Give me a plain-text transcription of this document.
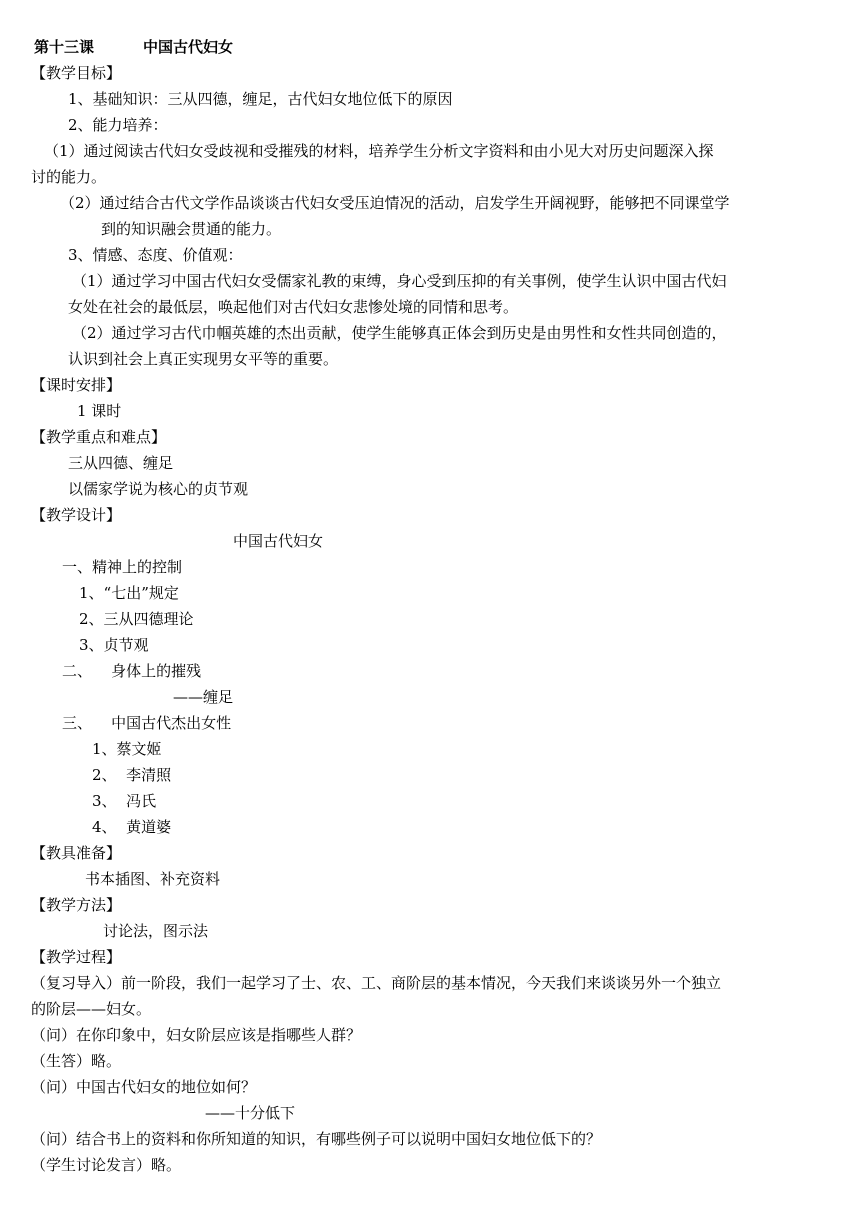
第十三课	中国古代妇女
【教学目标】
1、基础知识：三从四德，缠足，古代妇女地位低下的原因
2、能力培养：
（1）通过阅读古代妇女受歧视和受摧残的材料，培养学生分析文字资料和由小见大对历史问题深入探
讨的能力。
（2）通过结合古代文学作品谈谈古代妇女受压迫情况的活动，启发学生开阔视野，能够把不同课堂学
到的知识融会贯通的能力。
3、情感、态度、价值观：
（1）通过学习中国古代妇女受儒家礼教的束缚，身心受到压抑的有关事例，使学生认识中国古代妇
女处在社会的最低层，唤起他们对古代妇女悲惨处境的同情和思考。
（2）通过学习古代巾帼英雄的杰出贡献，使学生能够真正体会到历史是由男性和女性共同创造的，
认识到社会上真正实现男女平等的重要。
【课时安排】
1 课时
【教学重点和难点】
三从四德、缠足
以儒家学说为核心的贞节观
【教学设计】
中国古代妇女
一、精神上的控制
1、“七出”规定
2、三从四德理论
3、贞节观
二、    身体上的摧残
——缠足
三、    中国古代杰出女性
1、蔡文姬
2、  李清照
3、  冯氏
4、  黄道婆
【教具准备】
书本插图、补充资料
【教学方法】
讨论法，图示法
【教学过程】
（复习导入）前一阶段，我们一起学习了士、农、工、商阶层的基本情况，今天我们来谈谈另外一个独立
的阶层——妇女。
（问）在你印象中，妇女阶层应该是指哪些人群？
（生答）略。
（问）中国古代妇女的地位如何？
——十分低下
（问）结合书上的资料和你所知道的知识，有哪些例子可以说明中国妇女地位低下的？
（学生讨论发言）略。
